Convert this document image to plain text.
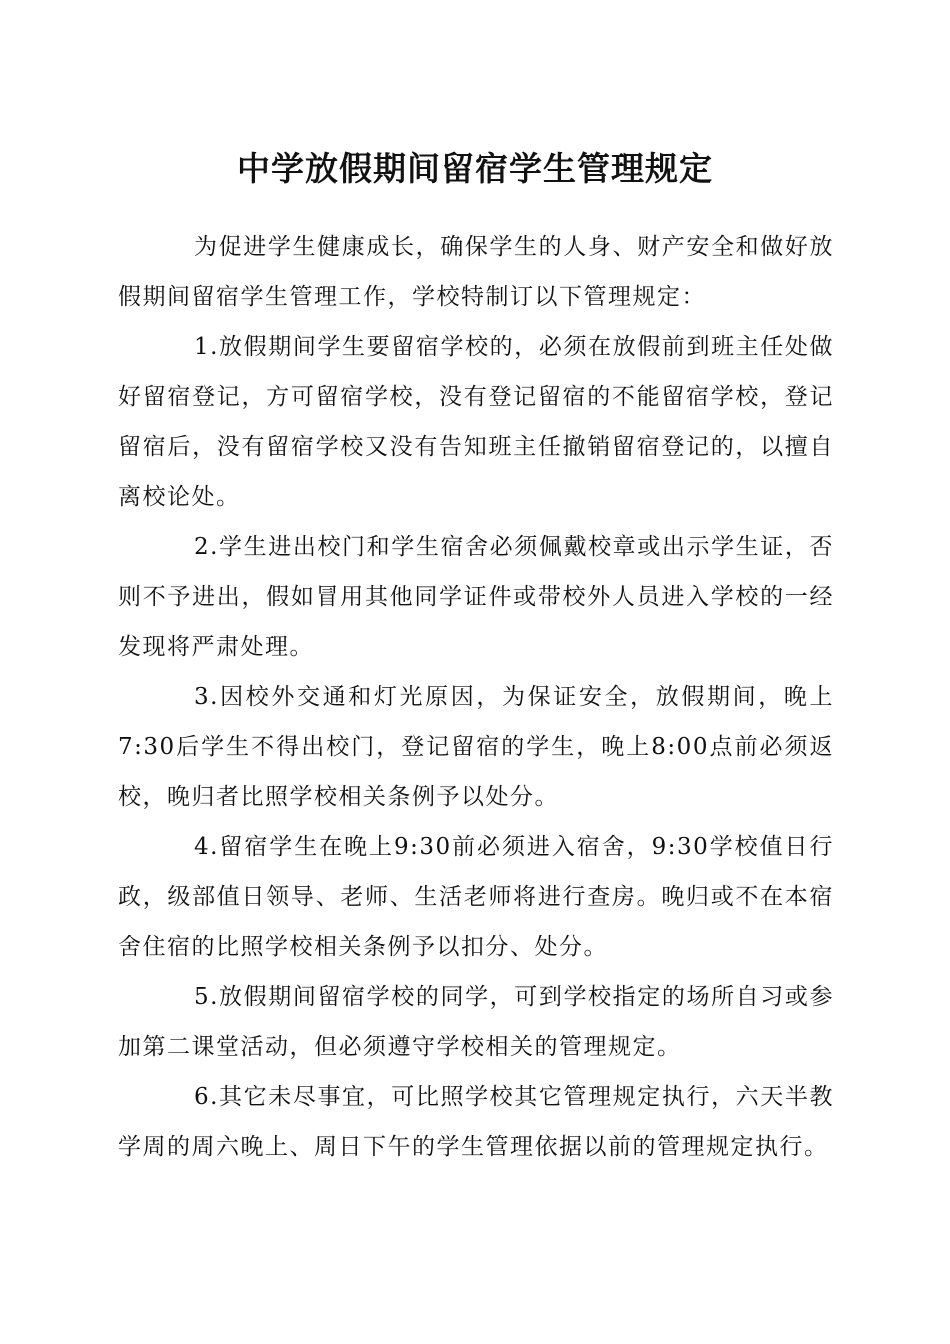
中学放假期间留宿学生管理规定

为促进学生健康成长，确保学生的人身、财产安全和做好放假期间留宿学生管理工作，学校特制订以下管理规定：

1.放假期间学生要留宿学校的，必须在放假前到班主任处做好留宿登记，方可留宿学校，没有登记留宿的不能留宿学校，登记留宿后，没有留宿学校又没有告知班主任撤销留宿登记的，以擅自离校论处。

2.学生进出校门和学生宿舍必须佩戴校章或出示学生证，否则不予进出，假如冒用其他同学证件或带校外人员进入学校的一经发现将严肃处理。

3.因校外交通和灯光原因，为保证安全，放假期间，晚上7:30后学生不得出校门，登记留宿的学生，晚上8:00点前必须返校，晚归者比照学校相关条例予以处分。

4.留宿学生在晚上9:30前必须进入宿舍，9:30学校值日行政，级部值日领导、老师、生活老师将进行查房。晚归或不在本宿舍住宿的比照学校相关条例予以扣分、处分。

5.放假期间留宿学校的同学，可到学校指定的场所自习或参加第二课堂活动，但必须遵守学校相关的管理规定。

6.其它未尽事宜，可比照学校其它管理规定执行，六天半教学周的周六晚上、周日下午的学生管理依据以前的管理规定执行。
